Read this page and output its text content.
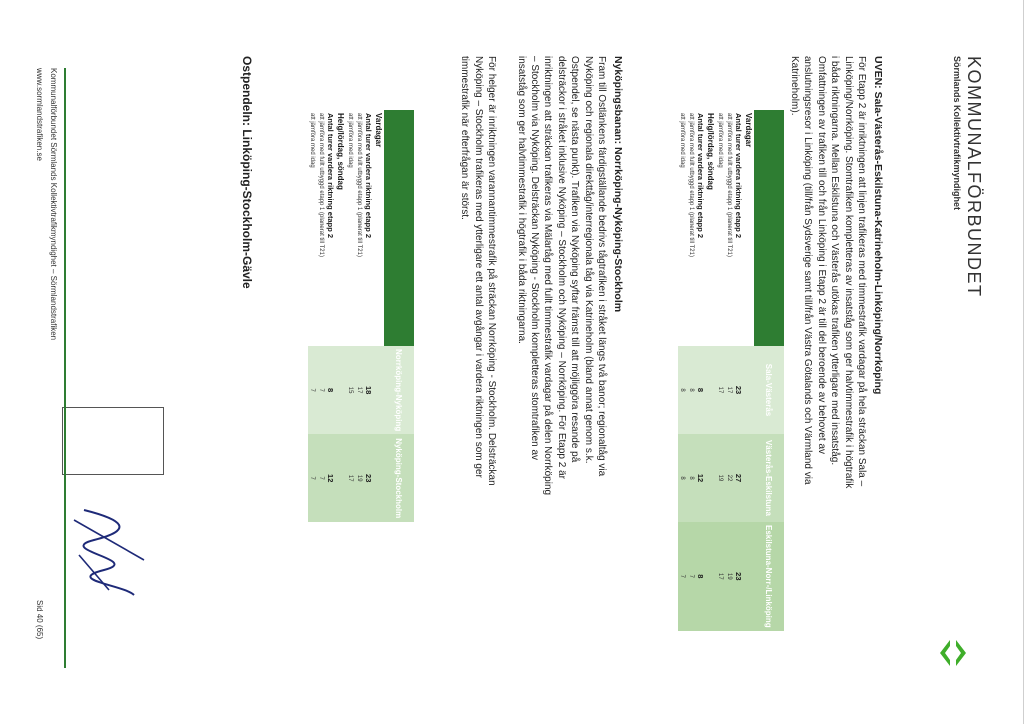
KOMMUNALFÖRBUNDET
Sörmlands Kollektivtrafikmyndighet
UVEN: Sala-Västerås-Eskilstuna-Katrineholm-Linköping/Norrköping
För Etapp 2 är inriktningen att linjen trafikeras med timmestrafik vardagar på hela sträckan Sala –
Linköping/Norrköping. Stomtrafiken kompletteras av insatståg som ger halvtimmestrafik i högtrafik
i båda riktningarna. Mellan Eskilstuna och Västerås utökas trafiken ytterligare med insatståg.
Omfattningen av trafiken till och från Linköping i Etapp 2 är till del beroende av behovet av
anslutningsresor i Linköping (till/från Sydsverige samt till/från Västra Götalands och Värmland via
Katrineholm).
	Sala-Västerås	Västerås-Eskilstuna	Eskilstuna-Norr-/Linköping
Vardagar			
Antal turer vardera riktning etapp 2	23	27	23
att jämföra med fullt utbyggd etapp 1 (planerat till T21)	17	22	19
att jämföra med idag	17	19	17
Helg/lördag, söndag			
Antal turer vardera riktning etapp 2	8	12	8
att jämföra med fullt utbyggd etapp 1 (planerat till T21)	8	8	7
att jämföra med idag	8	8	7
Nyköpingsbanan: Norrköping-Nyköping-Stockholm
Fram till Ostlänkens färdigställande bedrivs tågtrafiken i stråket längs två banor; regionaltåg via
Nyköping och regionala direkttåg/interregionala tåg via Katrineholm (bland annat genom s.k.
Ostpendel, se nästa punkt). Trafiken via Nyköping syftar främst till att möjliggöra resande på
delsträckor i stråket inklusive Nyköping – Stockholm och Nyköping – Norrköping. För Etapp 2 är
inriktningen att sträckan trafikeras via Mälartåg med fullt timmestrafik vardagar på delen Norrköping
– Stockholm via Nyköping. Delsträckan Nyköping - Stockholm kompletteras stomtrafiken av
insatståg som ger halvtimmestrafik i högtrafik i båda riktningarna.
För helger är inriktningen varannantimmestrafik på sträckan Norrköping - Stockholm. Delsträckan
Nyköping – Stockholm trafikeras med ytterligare ett antal avgångar i vardera riktningen som ger
timmestrafik när efterfrågan är störst.
	Norrköping-Nyköping	Nyköping-Stockholm
Vardagar		
Antal turer vardera riktning etapp 2	18	23
att jämföra med fullt utbyggd etapp 1 (planerat till T21)	17	19
att jämföra med idag	15	17
Helg/lördag, söndag		
Antal turer vardera riktning etapp 2	8	12
att jämföra med fullt utbyggd etapp 1 (planerat till T21)	7	7
att jämföra med idag	7	7
Ostpendeln: Linköping-Stockholm-Gävle
Kommunalförbundet Sörmlands Kollektivtrafikmyndighet – Sörmlandstrafiken
www.sormlandstrafiken.se
Sid 40 (65)
